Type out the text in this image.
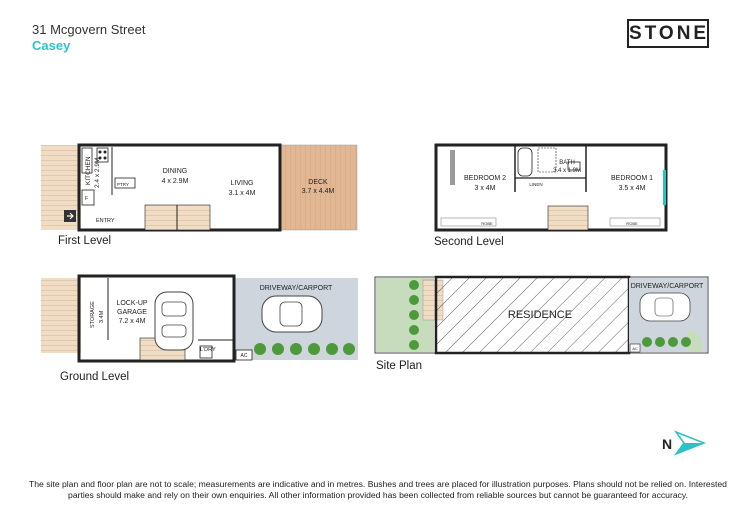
31 Mcgovern Street
Casey
STONE
KITCHEN 2.4 x 2.9M	PTRY
F
DINING
4 x 2.9M	LIVING
3.1 x 4M
DECK
3.7 x 4.4M
ENTRY
First Level
BEDROOM 2
3 x 4M
BATH
3.4 x 1.9M
LINEN
BEDROOM 1
3.5 x 4M
ROBE	ROBE
Second Level
STORAGE 3.4M
LOCK-UP
GARAGE
7.2 x 4M
L'DRY
DRIVEWAY/CARPORT
AC
Ground Level
RESIDENCE
DRIVEWAY/CARPORT
AC
Site Plan
N
The site plan and floor plan are not to scale; measurements are indicative and in metres. Bushes and trees are placed for illustration purposes. Plans should not be relied on. Interested parties should make and rely on their own enquiries. All other information provided has been collected from reliable sources but cannot be guaranteed for accuracy.
